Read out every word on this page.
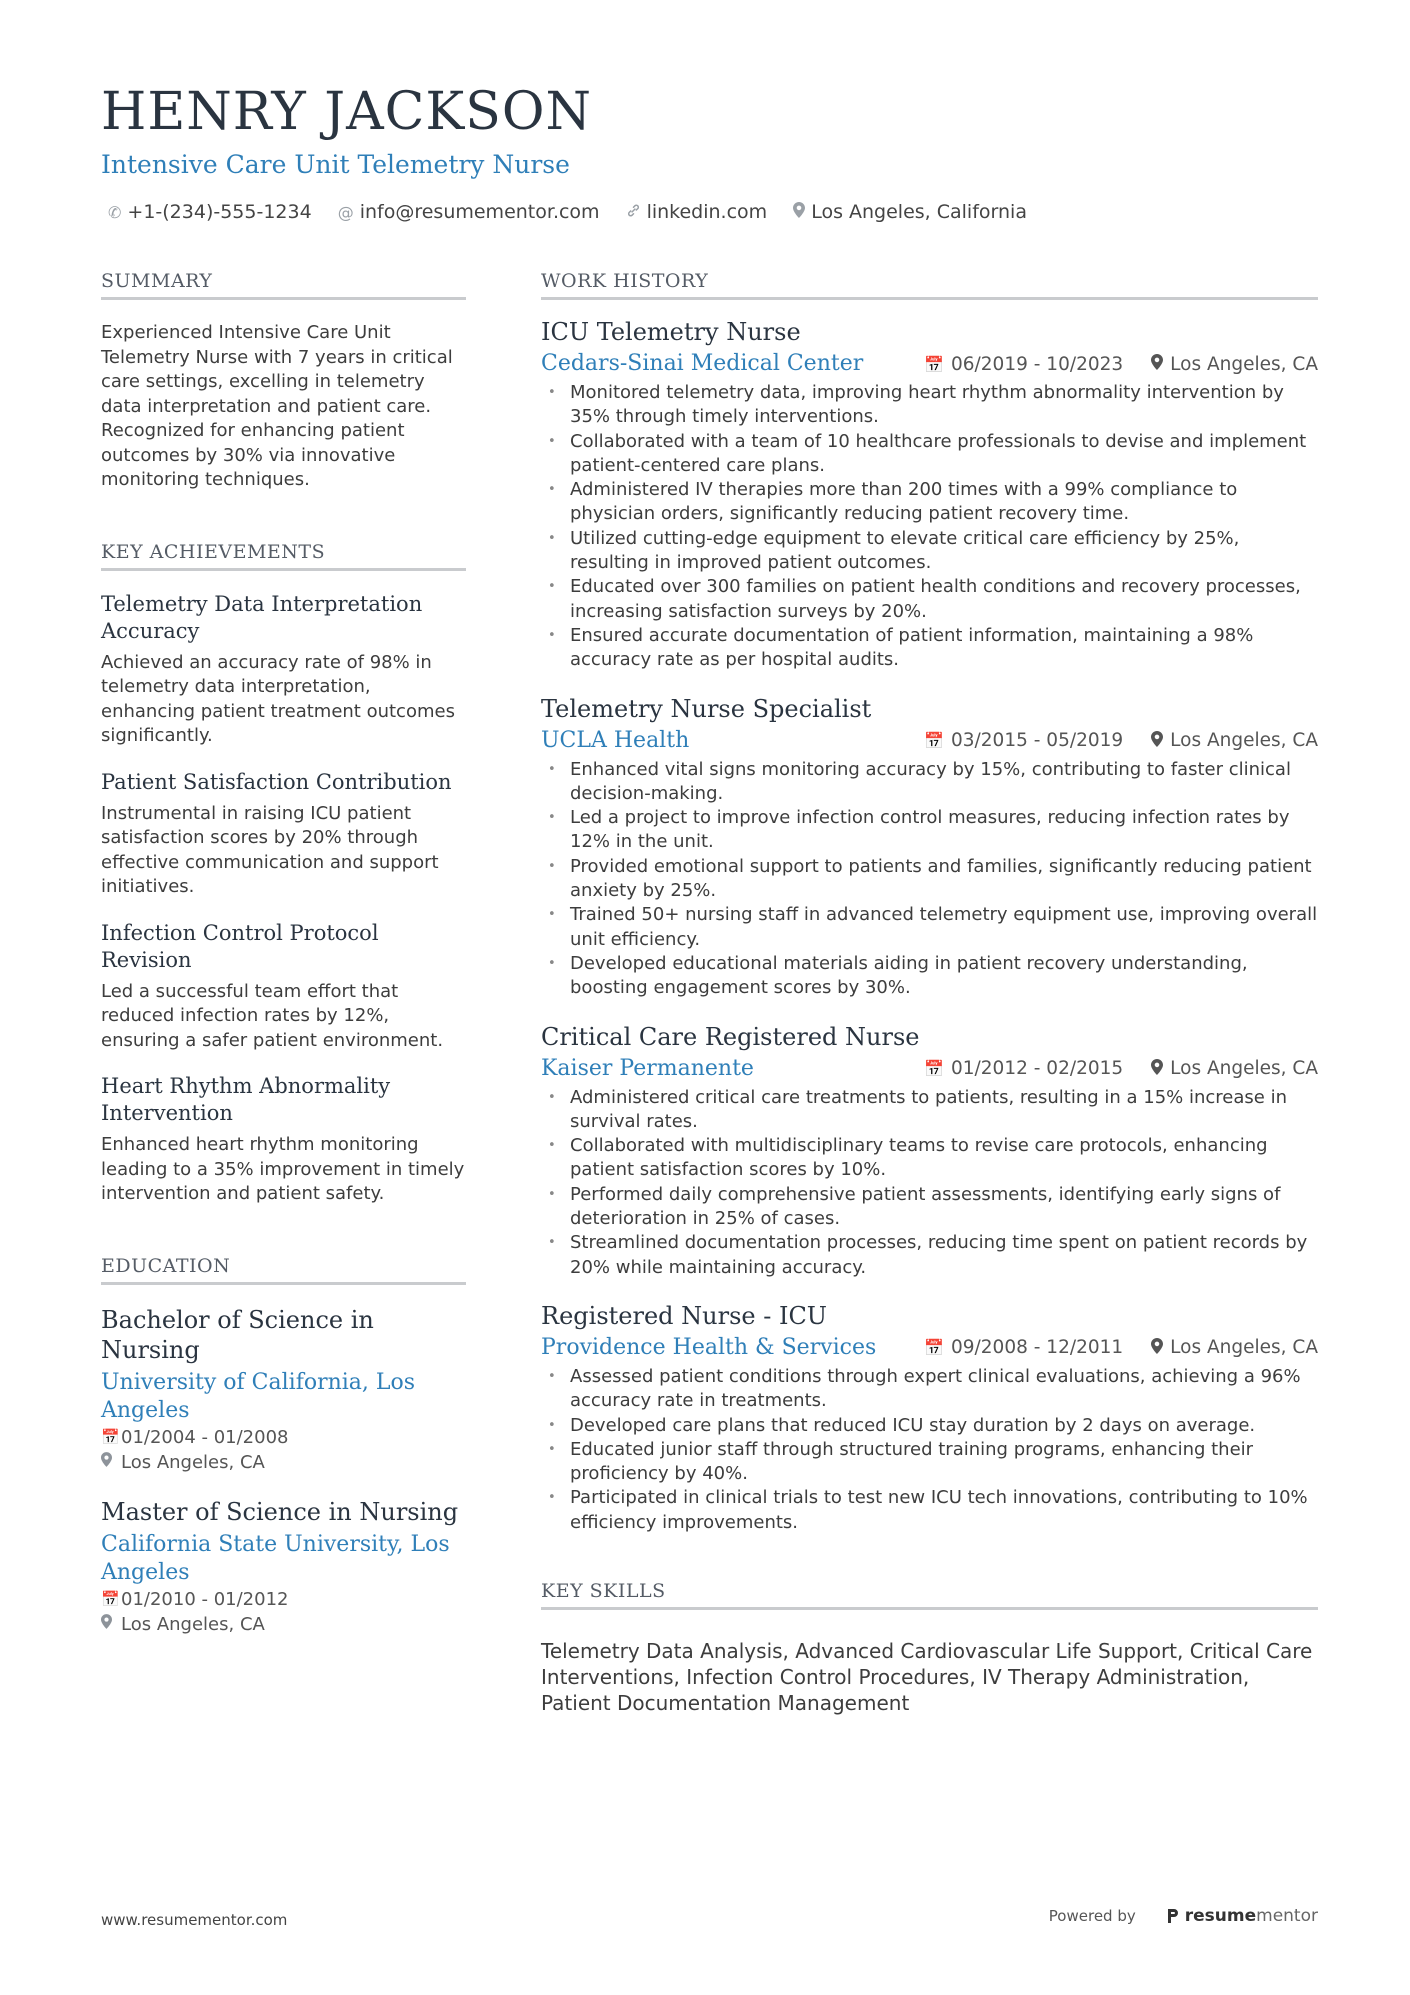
HENRY JACKSON
Intensive Care Unit Telemetry Nurse
✆ +1-(234)-555-1234 @ info@resumementor.com linkedin.com Los Angeles, California
SUMMARY
Experienced Intensive Care Unit Telemetry Nurse with 7 years in critical care settings, excelling in telemetry data interpretation and patient care. Recognized for enhancing patient outcomes by 30% via innovative monitoring techniques.
KEY ACHIEVEMENTS
Telemetry Data Interpretation Accuracy
Achieved an accuracy rate of 98% in telemetry data interpretation, enhancing patient treatment outcomes significantly.
Patient Satisfaction Contribution
Instrumental in raising ICU patient satisfaction scores by 20% through effective communication and support initiatives.
Infection Control Protocol Revision
Led a successful team effort that reduced infection rates by 12%, ensuring a safer patient environment.
Heart Rhythm Abnormality Intervention
Enhanced heart rhythm monitoring leading to a 35% improvement in timely intervention and patient safety.
EDUCATION
Bachelor of Science in Nursing
University of California, Los Angeles
📅 01/2004 - 01/2008
Los Angeles, CA
Master of Science in Nursing
California State University, Los Angeles
📅 01/2010 - 01/2012
Los Angeles, CA
WORK HISTORY
ICU Telemetry Nurse
Cedars-Sinai Medical Center	📅 06/2019 - 10/2023	Los Angeles, CA
• Monitored telemetry data, improving heart rhythm abnormality intervention by 35% through timely interventions.
• Collaborated with a team of 10 healthcare professionals to devise and implement patient-centered care plans.
• Administered IV therapies more than 200 times with a 99% compliance to physician orders, significantly reducing patient recovery time.
• Utilized cutting-edge equipment to elevate critical care efficiency by 25%, resulting in improved patient outcomes.
• Educated over 300 families on patient health conditions and recovery processes, increasing satisfaction surveys by 20%.
• Ensured accurate documentation of patient information, maintaining a 98% accuracy rate as per hospital audits.
Telemetry Nurse Specialist
UCLA Health	📅 03/2015 - 05/2019	Los Angeles, CA
• Enhanced vital signs monitoring accuracy by 15%, contributing to faster clinical decision-making.
• Led a project to improve infection control measures, reducing infection rates by 12% in the unit.
• Provided emotional support to patients and families, significantly reducing patient anxiety by 25%.
• Trained 50+ nursing staff in advanced telemetry equipment use, improving overall unit efficiency.
• Developed educational materials aiding in patient recovery understanding, boosting engagement scores by 30%.
Critical Care Registered Nurse
Kaiser Permanente	📅 01/2012 - 02/2015	Los Angeles, CA
• Administered critical care treatments to patients, resulting in a 15% increase in survival rates.
• Collaborated with multidisciplinary teams to revise care protocols, enhancing patient satisfaction scores by 10%.
• Performed daily comprehensive patient assessments, identifying early signs of deterioration in 25% of cases.
• Streamlined documentation processes, reducing time spent on patient records by 20% while maintaining accuracy.
Registered Nurse - ICU
Providence Health & Services	📅 09/2008 - 12/2011	Los Angeles, CA
• Assessed patient conditions through expert clinical evaluations, achieving a 96% accuracy rate in treatments.
• Developed care plans that reduced ICU stay duration by 2 days on average.
• Educated junior staff through structured training programs, enhancing their proficiency by 40%.
• Participated in clinical trials to test new ICU tech innovations, contributing to 10% efficiency improvements.
KEY SKILLS
Telemetry Data Analysis, Advanced Cardiovascular Life Support, Critical Care Interventions, Infection Control Procedures, IV Therapy Administration, Patient Documentation Management
www.resumementor.com	Powered by	resume mentor
